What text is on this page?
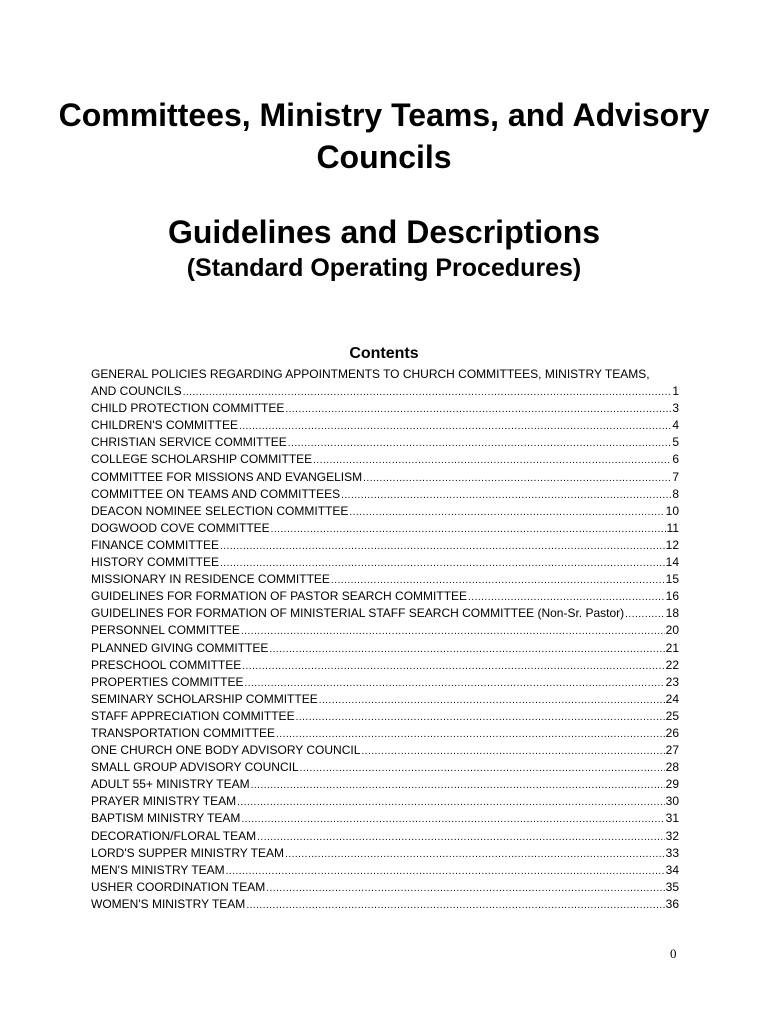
Committees, Ministry Teams, and Advisory Councils
Guidelines and Descriptions
(Standard Operating Procedures)
Contents
GENERAL POLICIES REGARDING APPOINTMENTS TO CHURCH COMMITTEES, MINISTRY TEAMS,
AND COUNCILS .....	1
CHILD PROTECTION COMMITTEE .....	3
CHILDREN'S COMMITTEE .....	4
CHRISTIAN SERVICE COMMITTEE .....	5
COLLEGE SCHOLARSHIP COMMITTEE .....	6
COMMITTEE FOR MISSIONS AND EVANGELISM .....	7
COMMITTEE ON TEAMS AND COMMITTEES .....	8
DEACON NOMINEE SELECTION COMMITTEE .....	10
DOGWOOD COVE COMMITTEE .....	11
FINANCE COMMITTEE .....	12
HISTORY COMMITTEE .....	14
MISSIONARY IN RESIDENCE COMMITTEE .....	15
GUIDELINES FOR FORMATION OF PASTOR SEARCH COMMITTEE .....	16
GUIDELINES FOR FORMATION OF MINISTERIAL STAFF SEARCH COMMITTEE (Non-Sr. Pastor) .....	18
PERSONNEL COMMITTEE .....	20
PLANNED GIVING COMMITTEE .....	21
PRESCHOOL COMMITTEE .....	22
PROPERTIES COMMITTEE .....	23
SEMINARY SCHOLARSHIP COMMITTEE .....	24
STAFF APPRECIATION COMMITTEE .....	25
TRANSPORTATION COMMITTEE .....	26
ONE CHURCH ONE BODY ADVISORY COUNCIL .....	27
SMALL GROUP ADVISORY COUNCIL .....	28
ADULT 55+ MINISTRY TEAM .....	29
PRAYER MINISTRY TEAM .....	30
BAPTISM MINISTRY TEAM .....	31
DECORATION/FLORAL TEAM .....	32
LORD'S SUPPER MINISTRY TEAM .....	33
MEN'S MINISTRY TEAM .....	34
USHER COORDINATION TEAM .....	35
WOMEN'S MINISTRY TEAM .....	36
0
